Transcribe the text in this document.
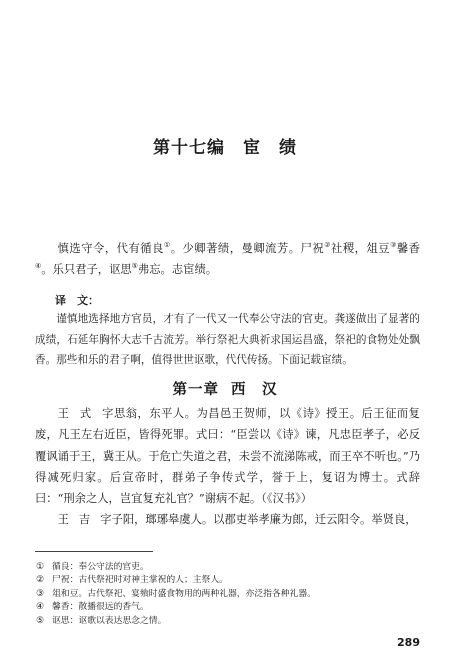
第十七编 宦　绩

慎选守令，代有循良①。少卿著绩，曼卿流芳。尸祝②社稷，俎豆③馨香④。乐只君子，讴思⑤弗忘。志宦绩。

译　文：

谨慎地选择地方官员，才有了一代又一代奉公守法的官吏。龚遂做出了显著的成绩，石延年胸怀大志千古流芳。举行祭祀大典祈求国运昌盛，祭祀的食物处处飘香。那些和乐的君子啊，值得世世讴歌，代代传扬。下面记载宦绩。

第一章 西　汉

王 式 字思翁，东平人。为昌邑王贺师，以《诗》授王。后王征而复废，凡王左右近臣，皆得死罪。式曰：“臣尝以《诗》谏，凡忠臣孝子，必反覆讽诵于王，冀王从。于危亡失道之君，未尝不流涕陈戒，而王卒不听也。”乃得减死归家。后宣帝时，群弟子争传式学，誉于上，复诏为博士。式辞曰：“刑余之人，岂宜复充礼官？”谢病不起。（《汉书》）

王 吉 字子阳，瑯琊皋虞人。以郡吏举孝廉为郎，迁云阳令。举贤良，

① 循良：奉公守法的官吏。
② 尸祝：古代祭祀时对神主掌祝的人；主祭人。
③ 俎和豆。古代祭祀、宴飨时盛食物用的两种礼器，亦泛指各种礼器。
④ 馨香：散播很远的香气。
⑤ 讴思：讴歌以表达思念之情。
289
